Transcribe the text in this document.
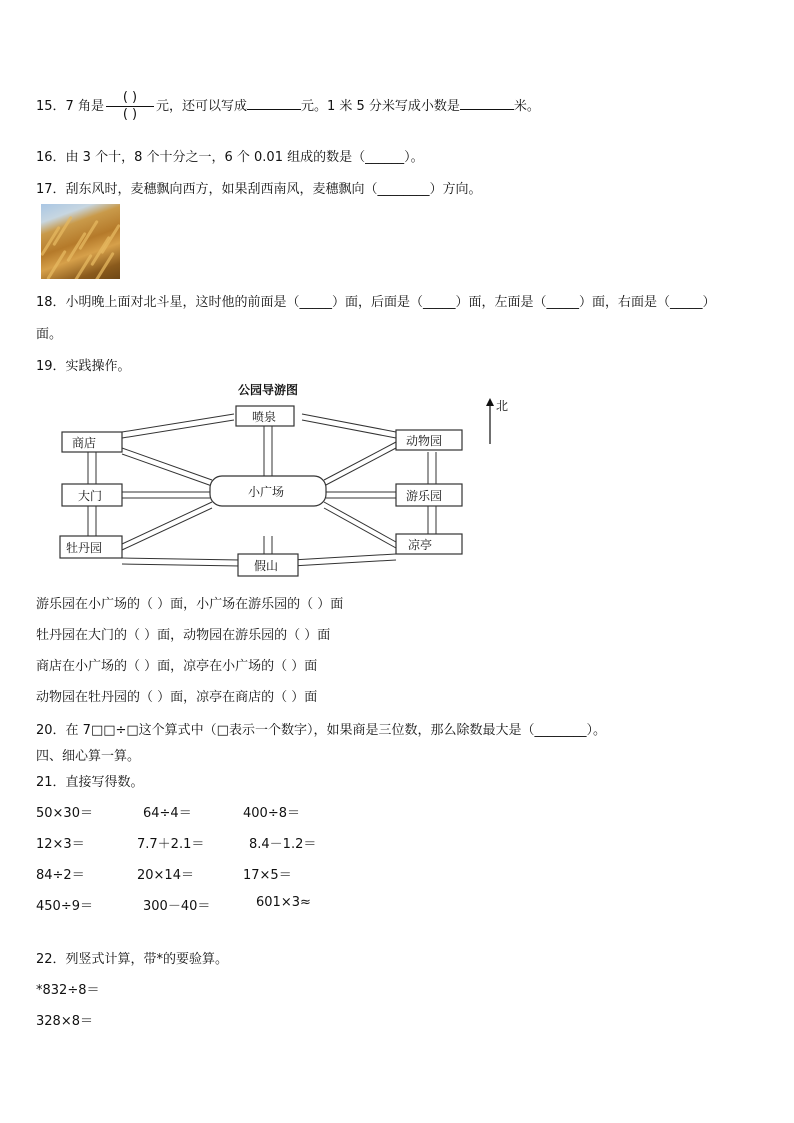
15．7 角是 $\frac{( )}{( )}$ 元，还可以写成	元。1 米 5 分米写成小数是	米。
16．由 3 个十，8 个十分之一，6 个 0.01 组成的数是（______）。
17．刮东风时，麦穗飘向西方，如果刮西南风，麦穗飘向（________）方向。
18．小明晚上面对北斗星，这时他的前面是（_____）面，后面是（_____）面，左面是（_____）面，右面是（_____）
面。
19．实践操作。
公园导游图
喷泉
商店	动物园
大门	小广场	游乐园
牡丹园
假山
凉亭
北
游乐园在小广场的（ ）面，小广场在游乐园的（ ）面
牡丹园在大门的（ ）面，动物园在游乐园的（ ）面
商店在小广场的（ ）面，凉亭在小广场的（ ）面
动物园在牡丹园的（ ）面，凉亭在商店的（ ）面
20．在 7□□÷□这个算式中（□表示一个数字），如果商是三位数，那么除数最大是（________）。
四、细心算一算。
21．直接写得数。
50×30＝	64÷4＝	400÷8＝
12×3＝	7.7＋2.1＝	8.4－1.2＝
84÷2＝	20×14＝	17×5＝
450÷9＝	300－40＝	601×3≈
22．列竖式计算，带*的要验算。
*832÷8＝
328×8＝
